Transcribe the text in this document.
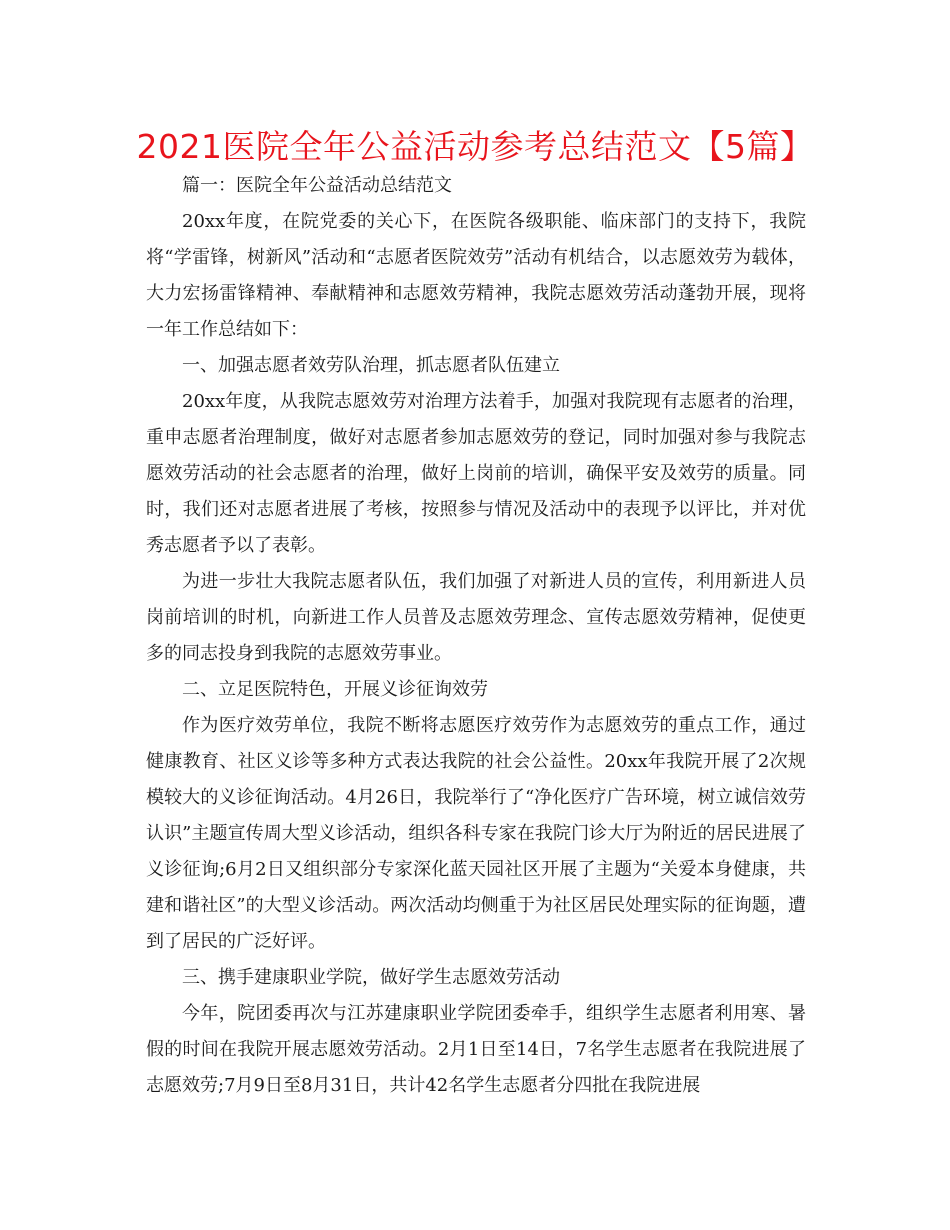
2021医院全年公益活动参考总结范文【5篇】

篇一：医院全年公益活动总结范文

20xx年度，在院党委的关心下，在医院各级职能、临床部门的支持下，我院将“学雷锋，树新风”活动和“志愿者医院效劳”活动有机结合，以志愿效劳为载体，大力宏扬雷锋精神、奉献精神和志愿效劳精神，我院志愿效劳活动蓬勃开展，现将一年工作总结如下：

一、加强志愿者效劳队治理，抓志愿者队伍建立

20xx年度，从我院志愿效劳对治理方法着手，加强对我院现有志愿者的治理，重申志愿者治理制度，做好对志愿者参加志愿效劳的登记，同时加强对参与我院志愿效劳活动的社会志愿者的治理，做好上岗前的培训，确保平安及效劳的质量。同时，我们还对志愿者进展了考核，按照参与情况及活动中的表现予以评比，并对优秀志愿者予以了表彰。

为进一步壮大我院志愿者队伍，我们加强了对新进人员的宣传，利用新进人员岗前培训的时机，向新进工作人员普及志愿效劳理念、宣传志愿效劳精神，促使更多的同志投身到我院的志愿效劳事业。

二、立足医院特色，开展义诊征询效劳

作为医疗效劳单位，我院不断将志愿医疗效劳作为志愿效劳的重点工作，通过健康教育、社区义诊等多种方式表达我院的社会公益性。20xx年我院开展了2次规模较大的义诊征询活动。4月26日，我院举行了“净化医疗广告环境，树立诚信效劳认识”主题宣传周大型义诊活动，组织各科专家在我院门诊大厅为附近的居民进展了义诊征询;6月2日又组织部分专家深化蓝天园社区开展了主题为“关爱本身健康，共建和谐社区”的大型义诊活动。两次活动均侧重于为社区居民处理实际的征询题，遭到了居民的广泛好评。

三、携手建康职业学院，做好学生志愿效劳活动

今年，院团委再次与江苏建康职业学院团委牵手，组织学生志愿者利用寒、暑假的时间在我院开展志愿效劳活动。2月1日至14日，7名学生志愿者在我院进展了志愿效劳;7月9日至8月31日，共计42名学生志愿者分四批在我院进展
